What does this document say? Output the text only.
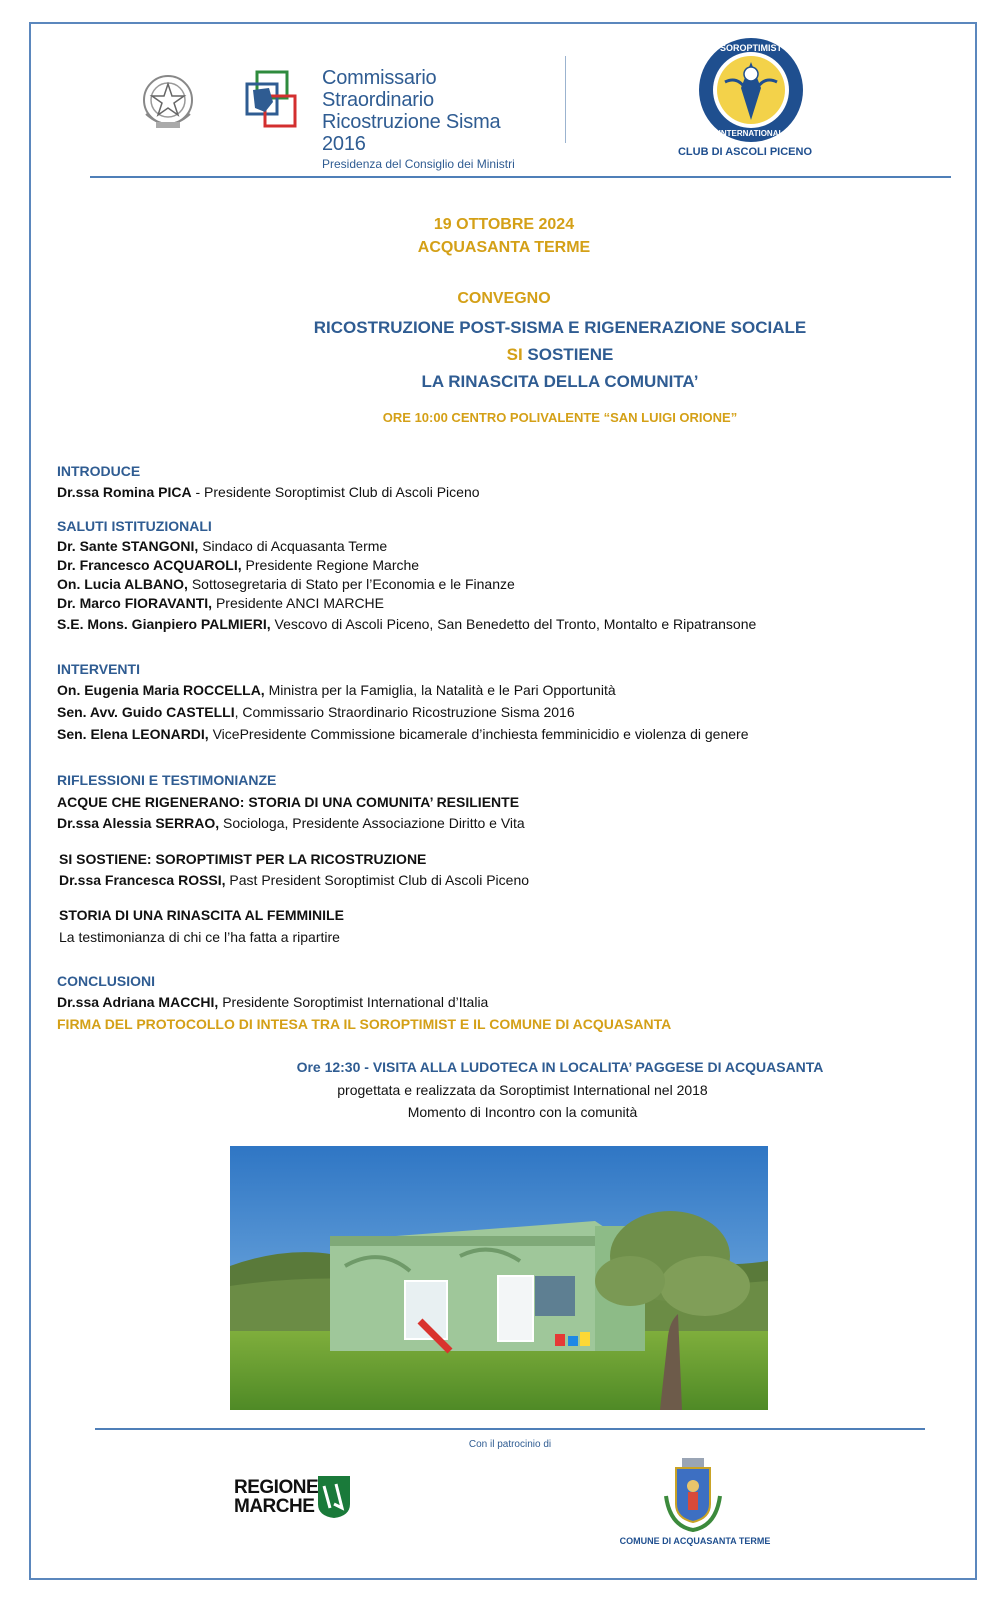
Commissario Straordinario
Ricostruzione Sisma 2016
Presidenza del Consiglio dei Ministri
SOROPTIMIST
INTERNATIONAL
CLUB DI ASCOLI PICENO
19 OTTOBRE 2024
ACQUASANTA TERME
CONVEGNO
RICOSTRUZIONE POST-SISMA E RIGENERAZIONE SOCIALE
SI SOSTIENE
LA RINASCITA DELLA COMUNITA’
ORE 10:00 CENTRO POLIVALENTE “SAN LUIGI ORIONE”
INTRODUCE
Dr.ssa Romina PICA - Presidente Soroptimist Club di Ascoli Piceno
SALUTI ISTITUZIONALI
Dr. Sante STANGONI, Sindaco di Acquasanta Terme
Dr. Francesco ACQUAROLI, Presidente Regione Marche
On. Lucia ALBANO, Sottosegretaria di Stato per l’Economia e le Finanze
Dr. Marco FIORAVANTI, Presidente ANCI MARCHE
S.E. Mons. Gianpiero PALMIERI, Vescovo di Ascoli Piceno, San Benedetto del Tronto, Montalto e Ripatransone
INTERVENTI
On. Eugenia Maria ROCCELLA, Ministra per la Famiglia, la Natalità e le Pari Opportunità
Sen. Avv. Guido CASTELLI, Commissario Straordinario Ricostruzione Sisma 2016
Sen. Elena LEONARDI, VicePresidente Commissione bicamerale d’inchiesta femminicidio e violenza di genere
RIFLESSIONI E TESTIMONIANZE
ACQUE CHE RIGENERANO: STORIA DI UNA COMUNITA’ RESILIENTE
Dr.ssa Alessia SERRAO, Sociologa, Presidente Associazione Diritto e Vita
SI SOSTIENE: SOROPTIMIST PER LA RICOSTRUZIONE
Dr.ssa Francesca ROSSI, Past President Soroptimist Club di Ascoli Piceno
STORIA DI UNA RINASCITA AL FEMMINILE
La testimonianza di chi ce l’ha fatta a ripartire
CONCLUSIONI
Dr.ssa Adriana MACCHI, Presidente Soroptimist International d’Italia
FIRMA DEL PROTOCOLLO DI INTESA TRA IL SOROPTIMIST E IL COMUNE DI ACQUASANTA
Ore 12:30 - VISITA ALLA LUDOTECA IN LOCALITA’ PAGGESE DI ACQUASANTA
progettata e realizzata da Soroptimist International nel 2018
Momento di Incontro con la comunità
Con il patrocinio di
REGIONE
MARCHE
COMUNE DI ACQUASANTA TERME
